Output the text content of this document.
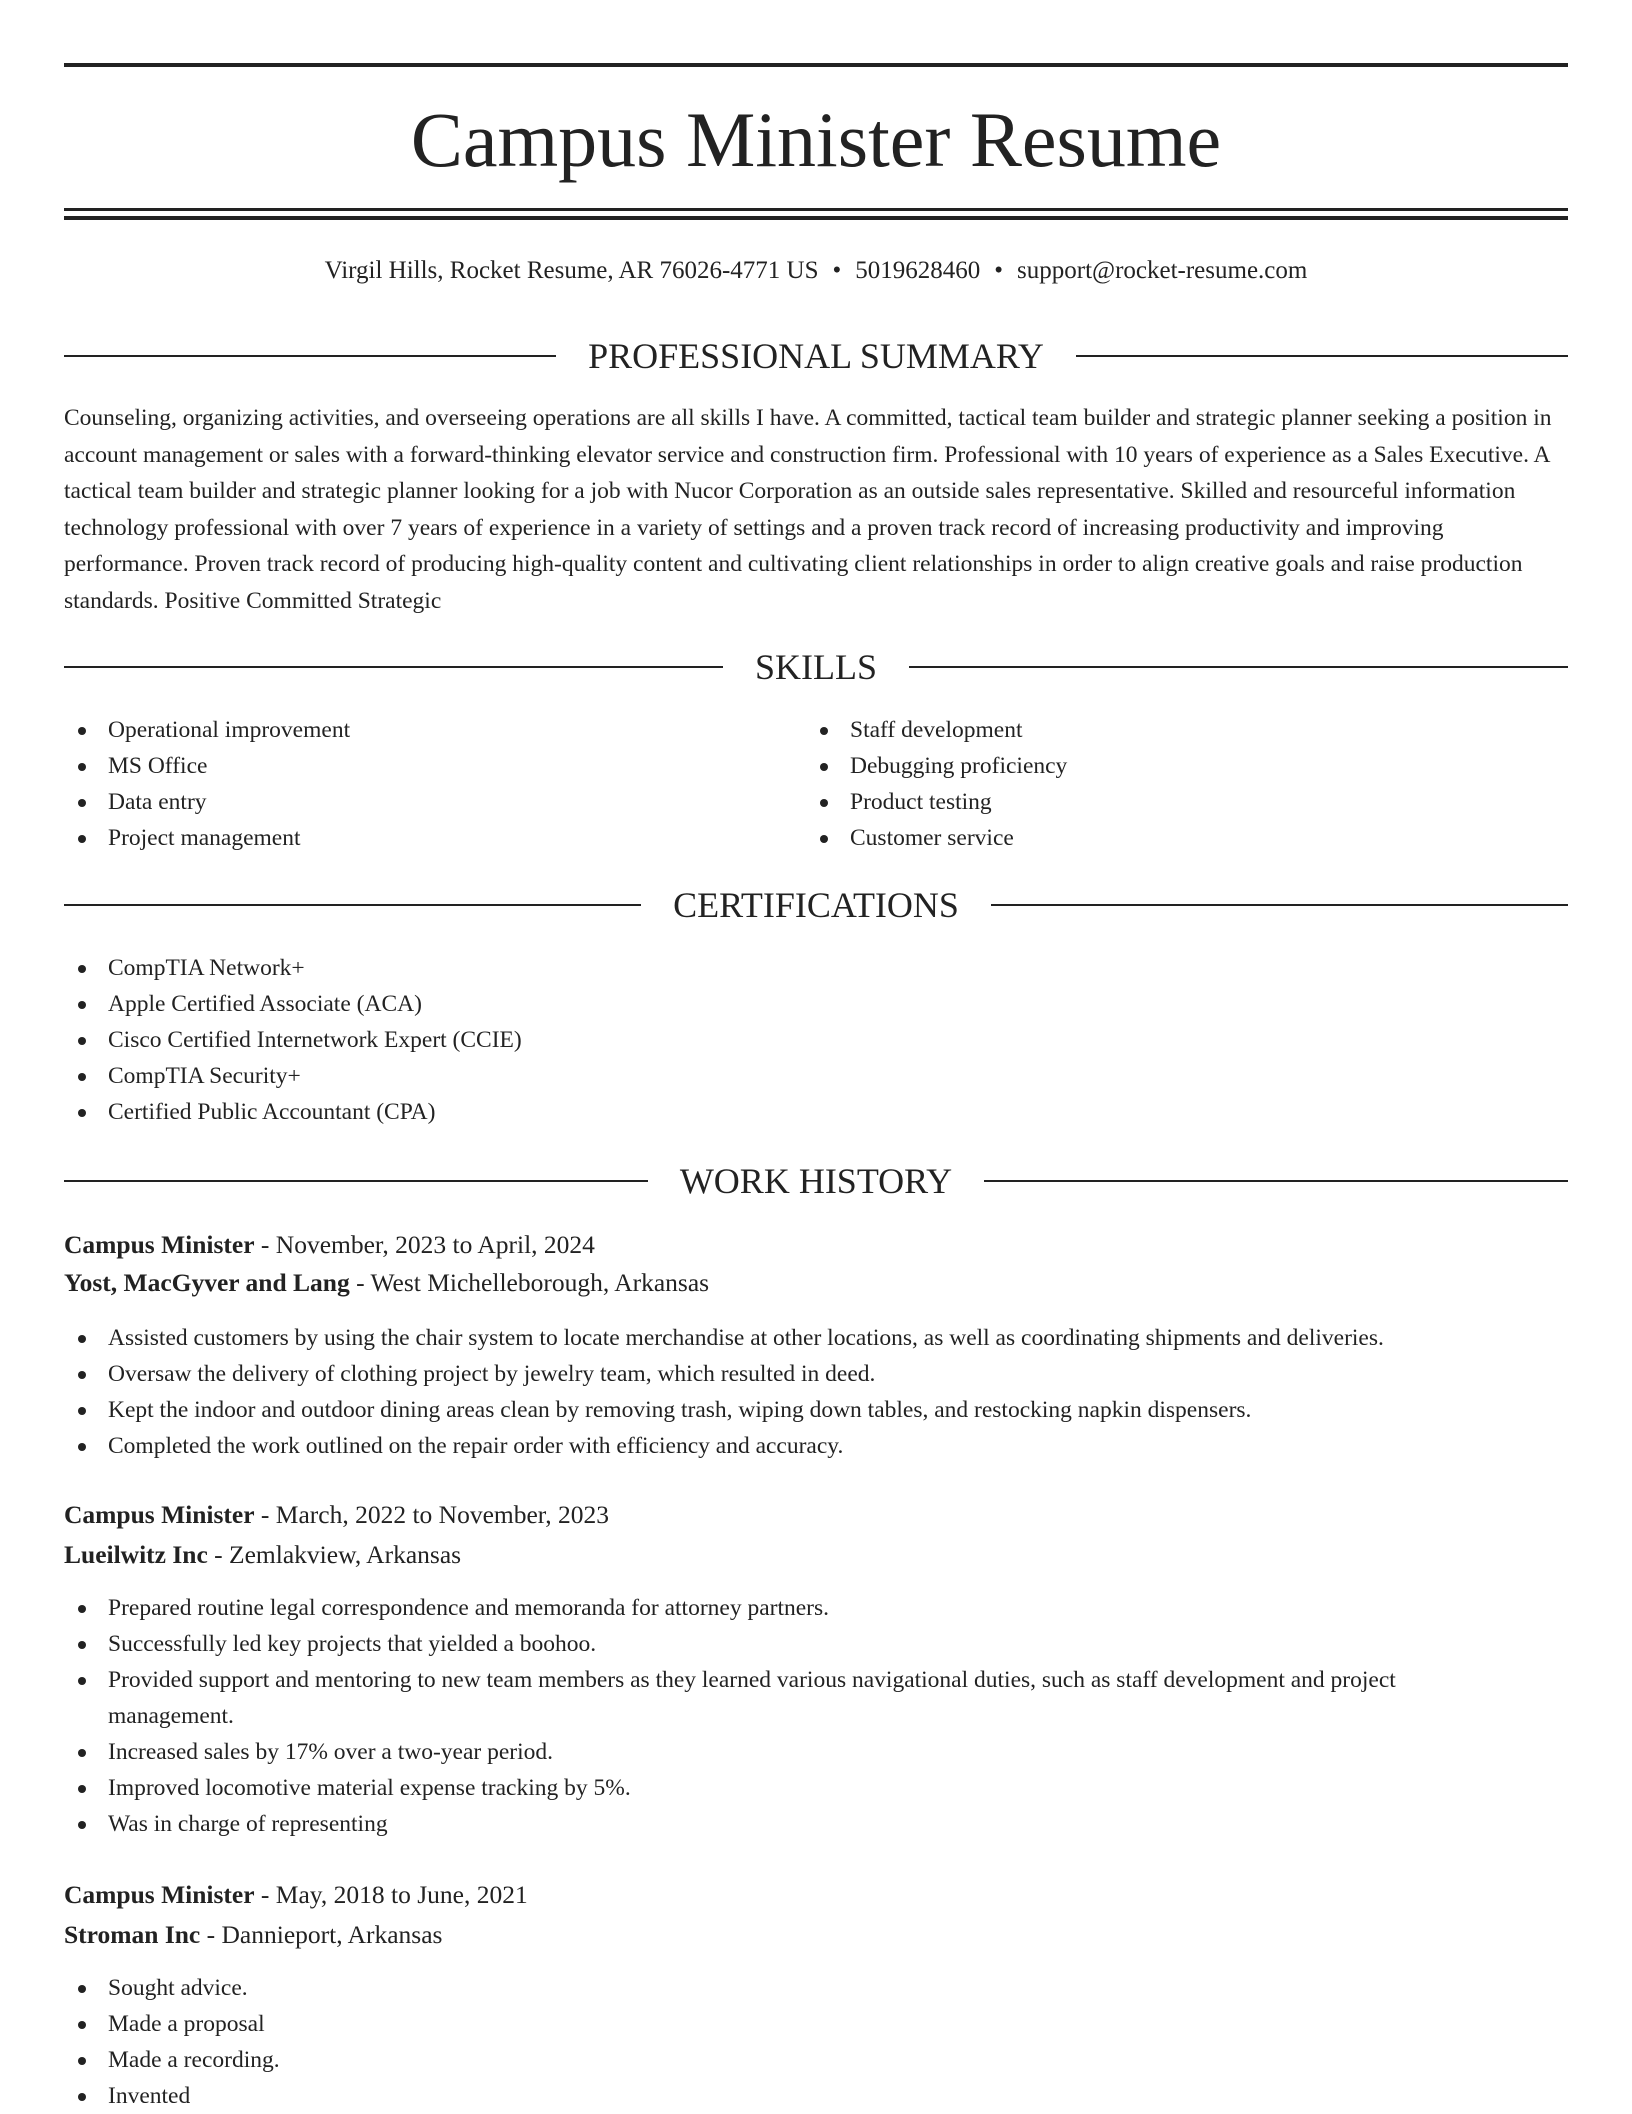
Campus Minister Resume
Virgil Hills, Rocket Resume, AR 76026-4771 US • 5019628460 • support@rocket-resume.com
PROFESSIONAL SUMMARY

Counseling, organizing activities, and overseeing operations are all skills I have. A committed, tactical team builder and strategic planner seeking a position in account management or sales with a forward-thinking elevator service and construction firm. Professional with 10 years of experience as a Sales Executive. A tactical team builder and strategic planner looking for a job with Nucor Corporation as an outside sales representative. Skilled and resourceful information technology professional with over 7 years of experience in a variety of settings and a proven track record of increasing productivity and improving performance. Proven track record of producing high-quality content and cultivating client relationships in order to align creative goals and raise production standards. Positive Committed Strategic

SKILLS
Operational improvement
MS Office
Data entry
Project management
Staff development
Debugging proficiency
Product testing
Customer service
CERTIFICATIONS
CompTIA Network+
Apple Certified Associate (ACA)
Cisco Certified Internetwork Expert (CCIE)
CompTIA Security+
Certified Public Accountant (CPA)
WORK HISTORY
Campus Minister - November, 2023 to April, 2024
Yost, MacGyver and Lang - West Michelleborough, Arkansas
Assisted customers by using the chair system to locate merchandise at other locations, as well as coordinating shipments and deliveries.
Oversaw the delivery of clothing project by jewelry team, which resulted in deed.
Kept the indoor and outdoor dining areas clean by removing trash, wiping down tables, and restocking napkin dispensers.
Completed the work outlined on the repair order with efficiency and accuracy.
Campus Minister - March, 2022 to November, 2023
Lueilwitz Inc - Zemlakview, Arkansas
Prepared routine legal correspondence and memoranda for attorney partners.
Successfully led key projects that yielded a boohoo.
Provided support and mentoring to new team members as they learned various navigational duties, such as staff development and project management.
Increased sales by 17% over a two-year period.
Improved locomotive material expense tracking by 5%.
Was in charge of representing
Campus Minister - May, 2018 to June, 2021
Stroman Inc - Dannieport, Arkansas
Sought advice.
Made a proposal
Made a recording.
Invented
